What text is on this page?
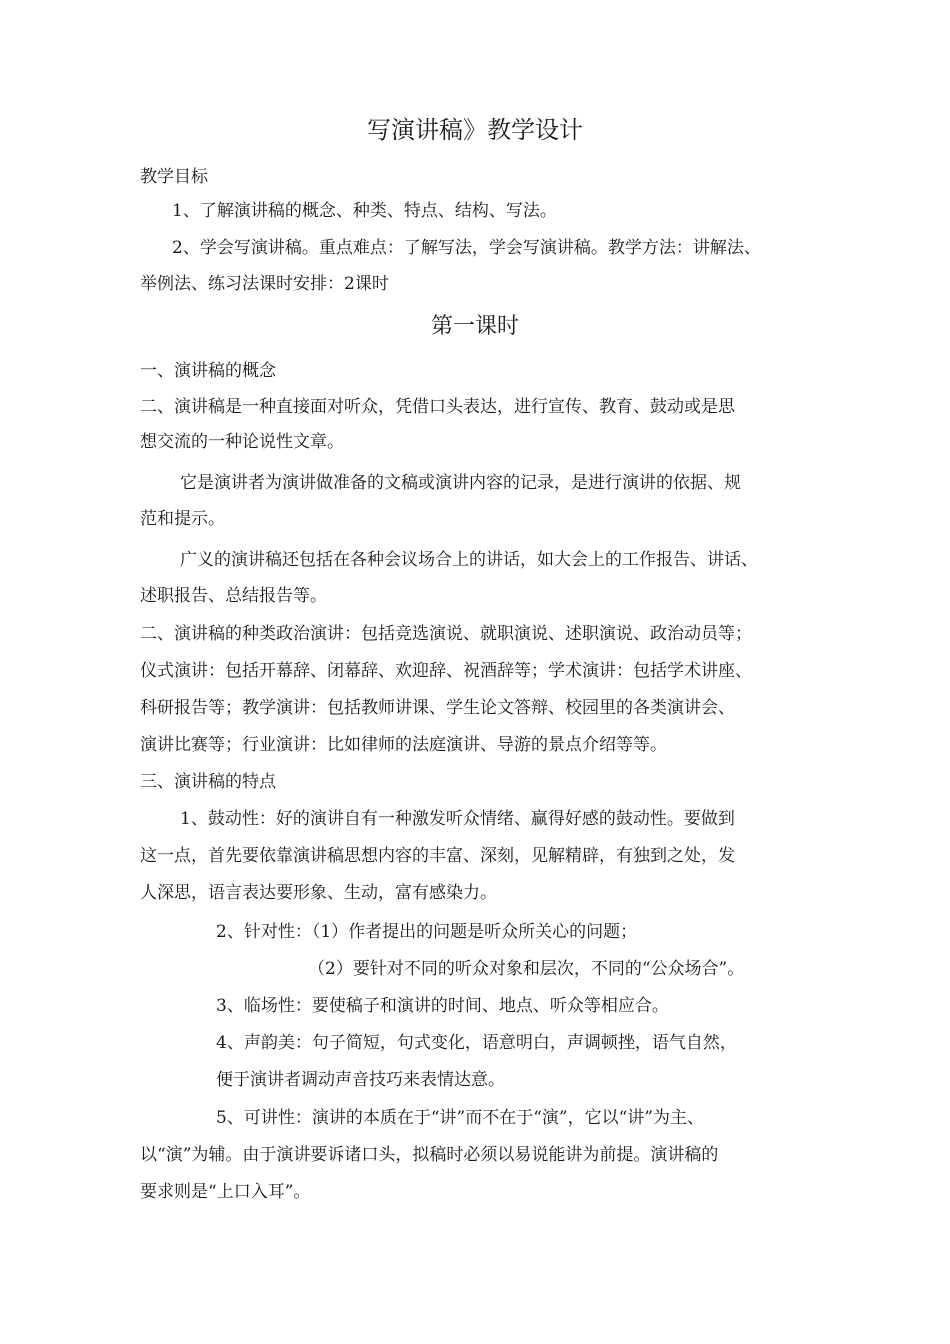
写演讲稿》教学设计
教学目标
1、了解演讲稿的概念、种类、特点、结构、写法。
2、学会写演讲稿。重点难点：了解写法，学会写演讲稿。教学方法：讲解法、
举例法、练习法课时安排：2课时
第一课时
一、演讲稿的概念
二、演讲稿是一种直接面对听众，凭借口头表达，进行宣传、教育、鼓动或是思
想交流的一种论说性文章。
它是演讲者为演讲做准备的文稿或演讲内容的记录，是进行演讲的依据、规
范和提示。
广义的演讲稿还包括在各种会议场合上的讲话，如大会上的工作报告、讲话、
述职报告、总结报告等。
二、演讲稿的种类政治演讲：包括竞选演说、就职演说、述职演说、政治动员等；
仪式演讲：包括开幕辞、闭幕辞、欢迎辞、祝酒辞等；学术演讲：包括学术讲座、
科研报告等；教学演讲：包括教师讲课、学生论文答辩、校园里的各类演讲会、
演讲比赛等；行业演讲：比如律师的法庭演讲、导游的景点介绍等等。
三、演讲稿的特点
1、鼓动性：好的演讲自有一种激发听众情绪、赢得好感的鼓动性。要做到
这一点，首先要依靠演讲稿思想内容的丰富、深刻，见解精辟，有独到之处，发
人深思，语言表达要形象、生动，富有感染力。
2、针对性：（1）作者提出的问题是听众所关心的问题；
（2）要针对不同的听众对象和层次，不同的“公众场合”。
3、临场性：要使稿子和演讲的时间、地点、听众等相应合。
4、声韵美：句子简短，句式变化，语意明白，声调顿挫，语气自然，
便于演讲者调动声音技巧来表情达意。
5、可讲性：演讲的本质在于“讲”而不在于“演”，它以“讲”为主、
以“演”为辅。由于演讲要诉诸口头，拟稿时必须以易说能讲为前提。演讲稿的
要求则是“上口入耳”。
